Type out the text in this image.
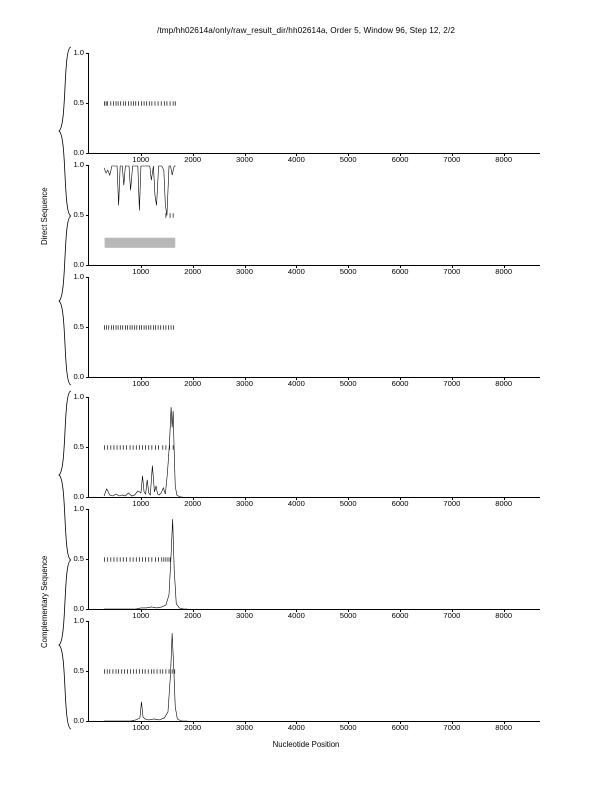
/tmp/hh02614a/only/raw_result_dir/hh02614a, Order 5, Window 96, Step 12, 2/2
Direct Sequence
Complementary Sequence
1.0
0.5
0.0
1000	2000	3000	4000	5000	6000	7000	8000
1.0
0.5
0.0
1000	2000	3000	4000	5000	6000	7000	8000
1.0
0.5
0.0
1000	2000	3000	4000	5000	6000	7000	8000
1.0
0.5
0.0
1000	2000	3000	4000	5000	6000	7000	8000
1.0
0.5
0.0
1000	2000	3000	4000	5000	6000	7000	8000
1.0
0.5
0.0
1000	2000	3000	4000	5000	6000	7000	8000
Nucleotide Position
